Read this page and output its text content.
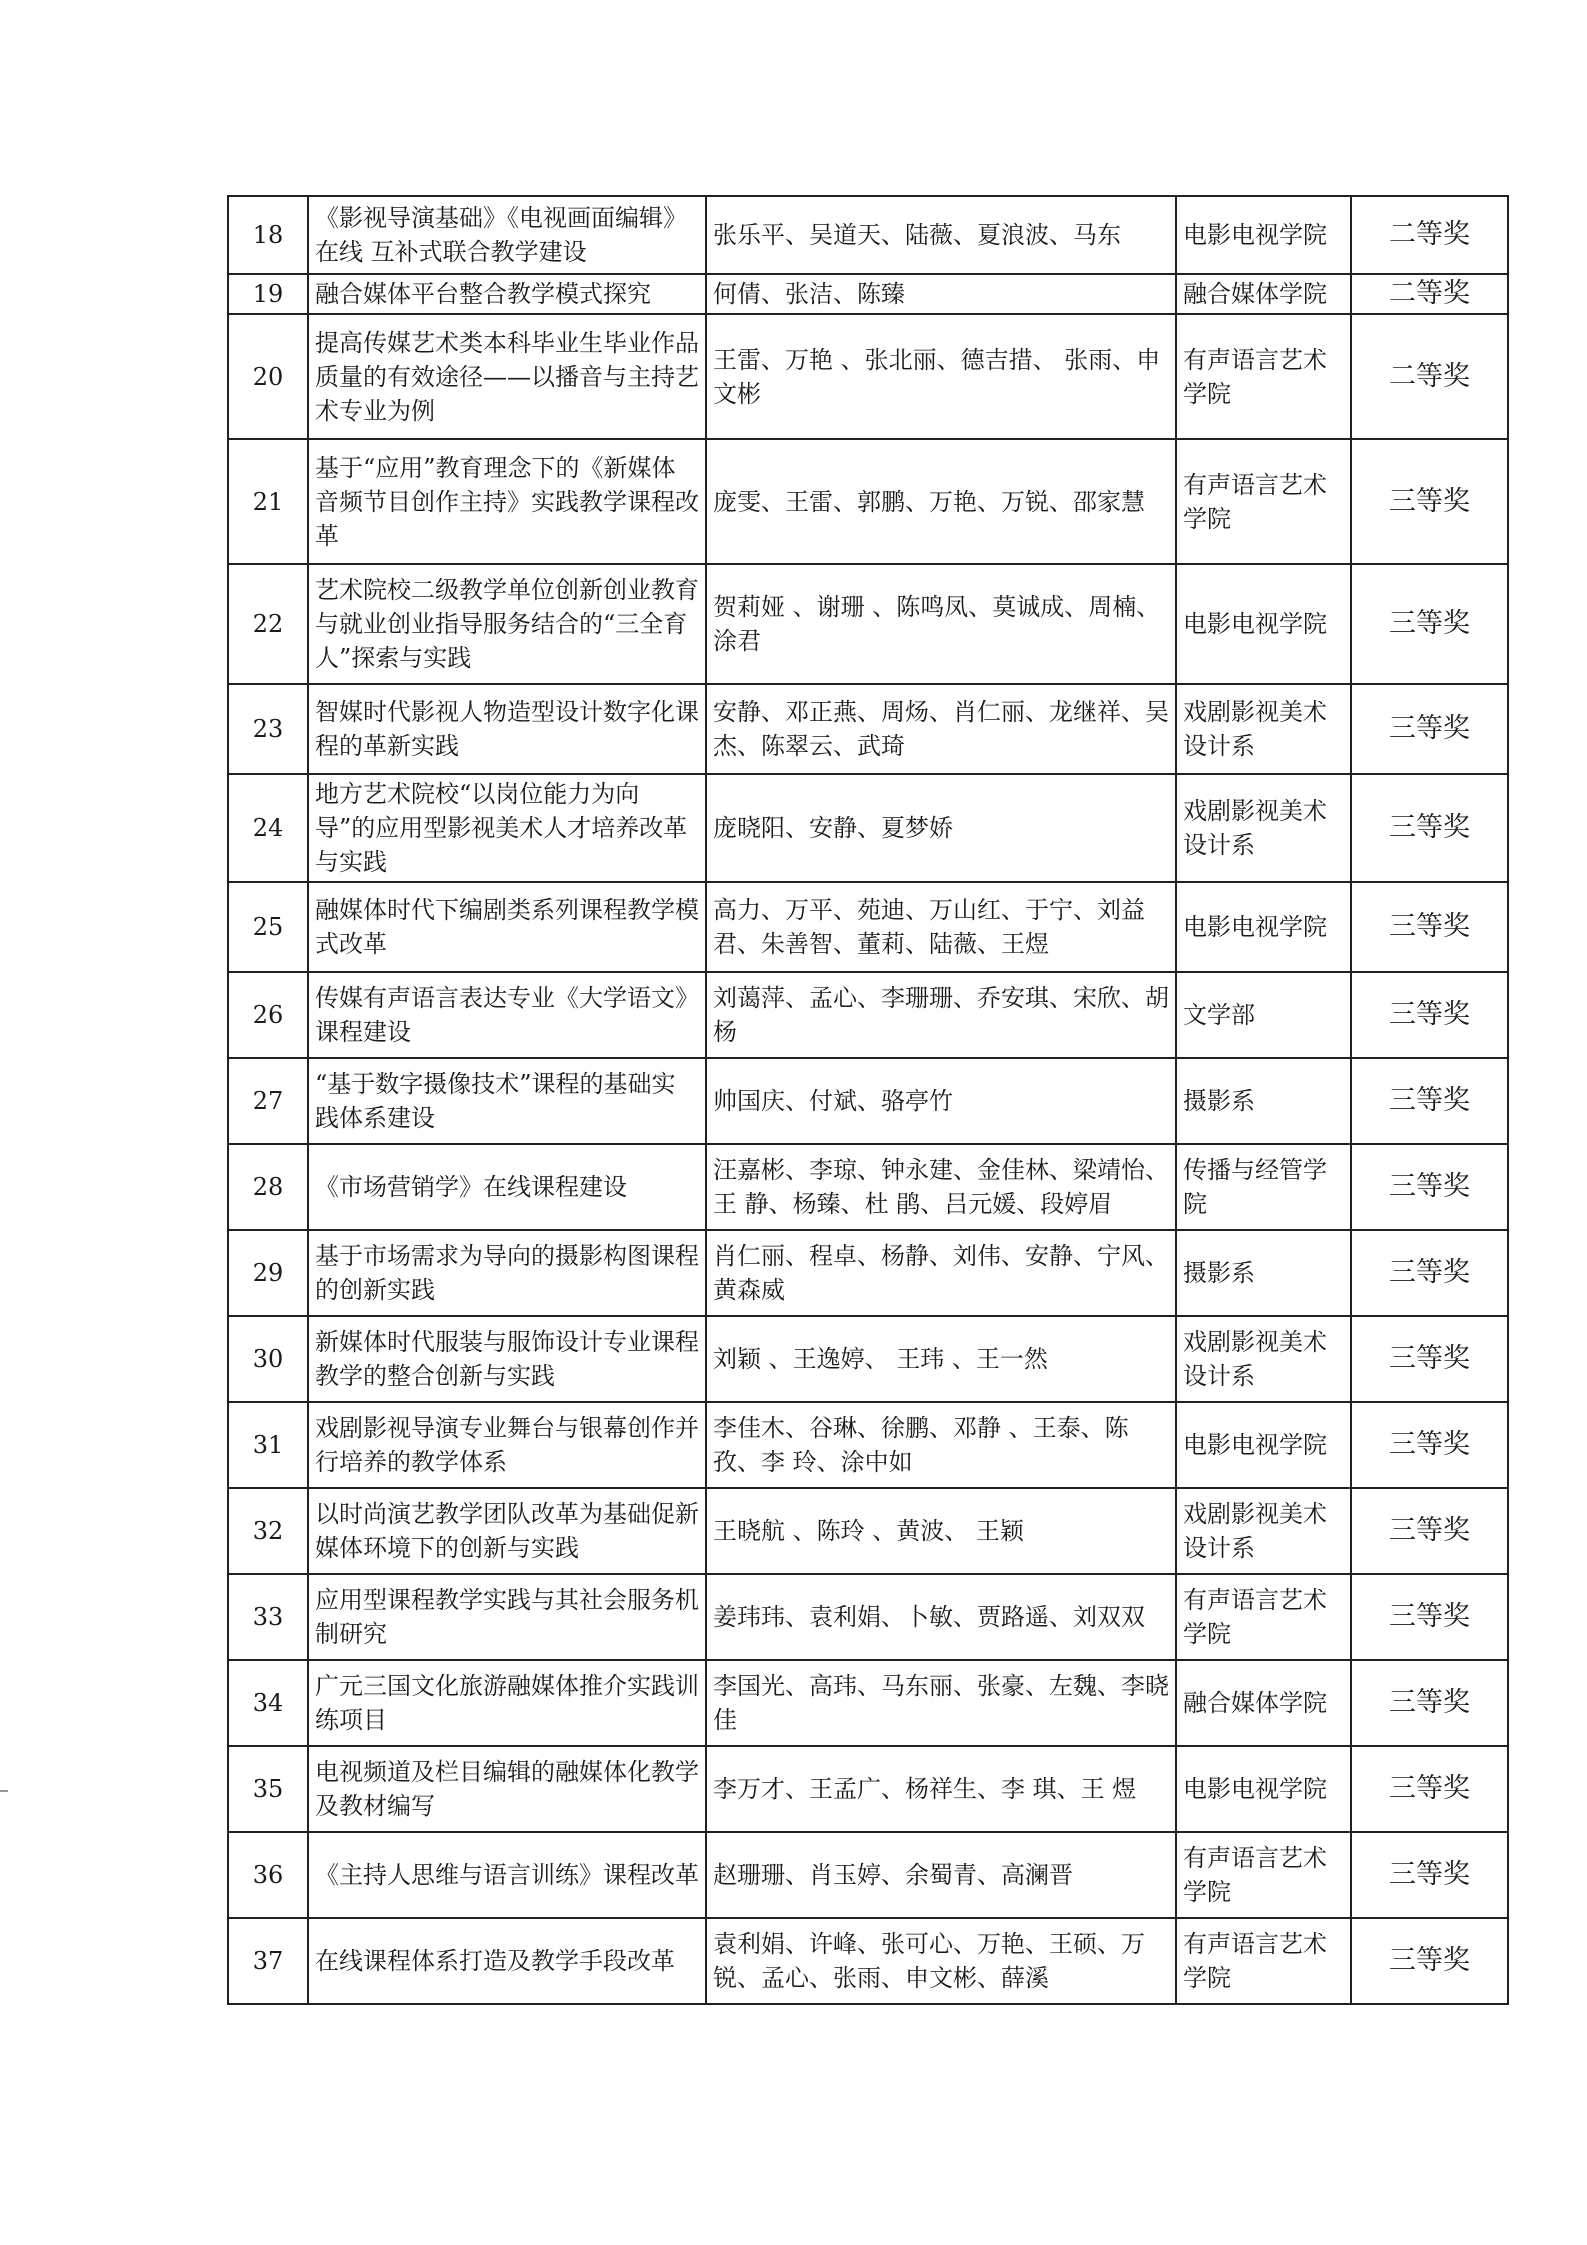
18	《影视导演基础》《电视画面编辑》在线 互补式联合教学建设	张乐平、吴道天、陆薇、夏浪波、马东	电影电视学院	二等奖
19	融合媒体平台整合教学模式探究	何倩、张洁、陈臻	融合媒体学院	二等奖
20	提高传媒艺术类本科毕业生毕业作品质量的有效途径——以播音与主持艺术专业为例	王雷、万艳 、张北丽、德吉措、 张雨、申文彬	有声语言艺术学院	二等奖
21	基于“应用”教育理念下的《新媒体音频节目创作主持》实践教学课程改革	庞雯、王雷、郭鹏、万艳、万锐、邵家慧	有声语言艺术学院	三等奖
22	艺术院校二级教学单位创新创业教育与就业创业指导服务结合的“三全育人”探索与实践	贺莉娅 、谢珊 、陈鸣凤、莫诚成、周楠、涂君	电影电视学院	三等奖
23	智媒时代影视人物造型设计数字化课程的革新实践	安静、邓正燕、周炀、肖仁丽、龙继祥、吴杰、陈翠云、武琦	戏剧影视美术设计系	三等奖
24	地方艺术院校“以岗位能力为向导”的应用型影视美术人才培养改革与实践	庞晓阳、安静、夏梦娇	戏剧影视美术设计系	三等奖
25	融媒体时代下编剧类系列课程教学模式改革	高力、万平、苑迪、万山红、于宁、刘益君、朱善智、董莉、陆薇、王煜	电影电视学院	三等奖
26	传媒有声语言表达专业《大学语文》课程建设	刘蔼萍、孟心、李珊珊、乔安琪、宋欣、胡杨	文学部	三等奖
27	“基于数字摄像技术”课程的基础实践体系建设	帅国庆、付斌、骆亭竹	摄影系	三等奖
28	《市场营销学》在线课程建设	汪嘉彬、李琼、钟永建、金佳林、梁靖怡、王 静、杨臻、杜 鹃、吕元媛、段婷眉	传播与经管学院	三等奖
29	基于市场需求为导向的摄影构图课程的创新实践	肖仁丽、程卓、杨静、刘伟、安静、宁风、黄森威	摄影系	三等奖
30	新媒体时代服装与服饰设计专业课程教学的整合创新与实践	刘颖 、王逸婷、 王玮 、王一然	戏剧影视美术设计系	三等奖
31	戏剧影视导演专业舞台与银幕创作并行培养的教学体系	李佳木、谷琳、徐鹏、邓静 、王泰、陈 孜、李 玲、涂中如	电影电视学院	三等奖
32	以时尚演艺教学团队改革为基础促新媒体环境下的创新与实践	王晓航 、陈玲 、黄波、 王颖	戏剧影视美术设计系	三等奖
33	应用型课程教学实践与其社会服务机制研究	姜玮玮、袁利娟、卜敏、贾路遥、刘双双	有声语言艺术学院	三等奖
34	广元三国文化旅游融媒体推介实践训练项目	李国光、高玮、马东丽、张豪、左魏、李晓佳	融合媒体学院	三等奖
35	电视频道及栏目编辑的融媒体化教学及教材编写	李万才、王孟广、杨祥生、李 琪、王 煜	电影电视学院	三等奖
36	《主持人思维与语言训练》课程改革	赵珊珊、肖玉婷、余蜀青、高澜晋	有声语言艺术学院	三等奖
37	在线课程体系打造及教学手段改革	袁利娟、许峰、张可心、万艳、王硕、万锐、孟心、张雨、申文彬、薛溪	有声语言艺术学院	三等奖
